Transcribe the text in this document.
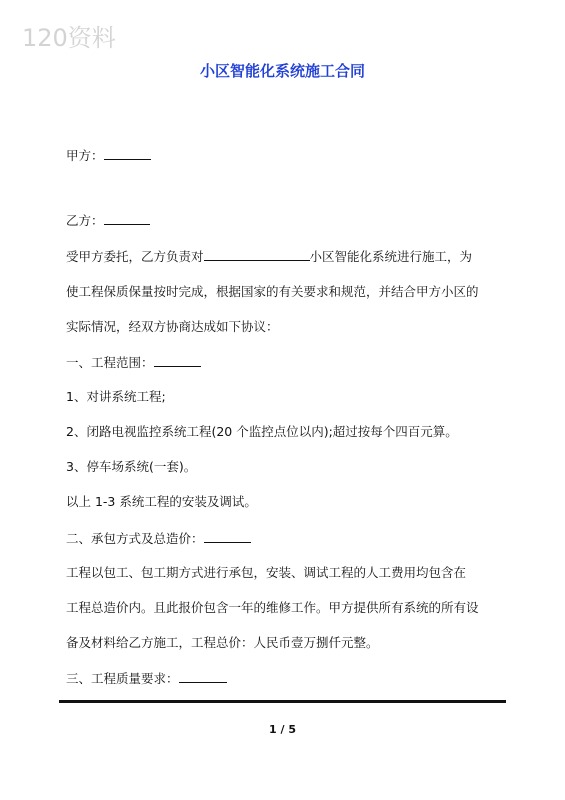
120资料
小区智能化系统施工合同
甲方：
乙方：
受甲方委托，乙方负责对	小区智能化系统进行施工，为
使工程保质保量按时完成，根据国家的有关要求和规范，并结合甲方小区的
实际情况，经双方协商达成如下协议：
一、工程范围：
1、对讲系统工程;
2、闭路电视监控系统工程(20 个监控点位以内);超过按每个四百元算。
3、停车场系统(一套)。
以上 1-3 系统工程的安装及调试。
二、承包方式及总造价：
工程以包工、包工期方式进行承包，安装、调试工程的人工费用均包含在
工程总造价内。且此报价包含一年的维修工作。甲方提供所有系统的所有设
备及材料给乙方施工，工程总价：人民币壹万捌仟元整。
三、工程质量要求：
1 / 5
